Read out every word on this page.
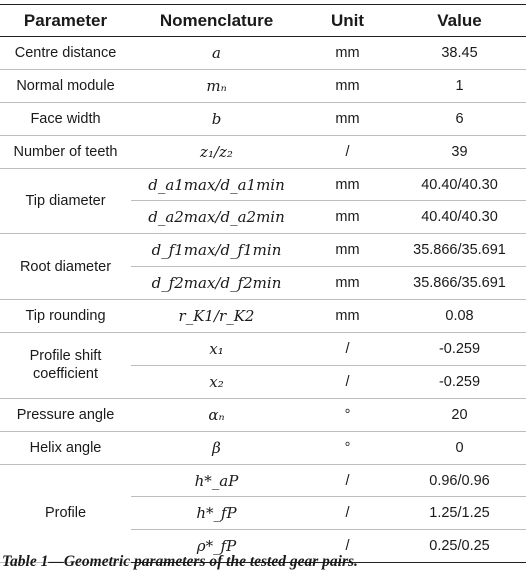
Parameter	Nomenclature	Unit	Value
Centre distance	a	mm	38.45
Normal module	mₙ	mm	1
Face width	b	mm	6
Number of teeth	z₁/z₂	/	39
Tip diameter	d_a1max/d_a1min	mm	40.40/40.30
	d_a2max/d_a2min	mm	40.40/40.30
Root diameter	d_f1max/d_f1min	mm	35.866/35.691
	d_f2max/d_f2min	mm	35.866/35.691
Tip rounding	r_K1/r_K2	mm	0.08
Profile shift coefficient	x₁	/	-0.259
	x₂	/	-0.259
Pressure angle	αₙ	°	20
Helix angle	β	°	0
Profile	h*_aP	/	0.96/0.96
	h*_fP	/	1.25/1.25
	ρ*_fP	/	0.25/0.25
Table 1—Geometric parameters of the tested gear pairs.
